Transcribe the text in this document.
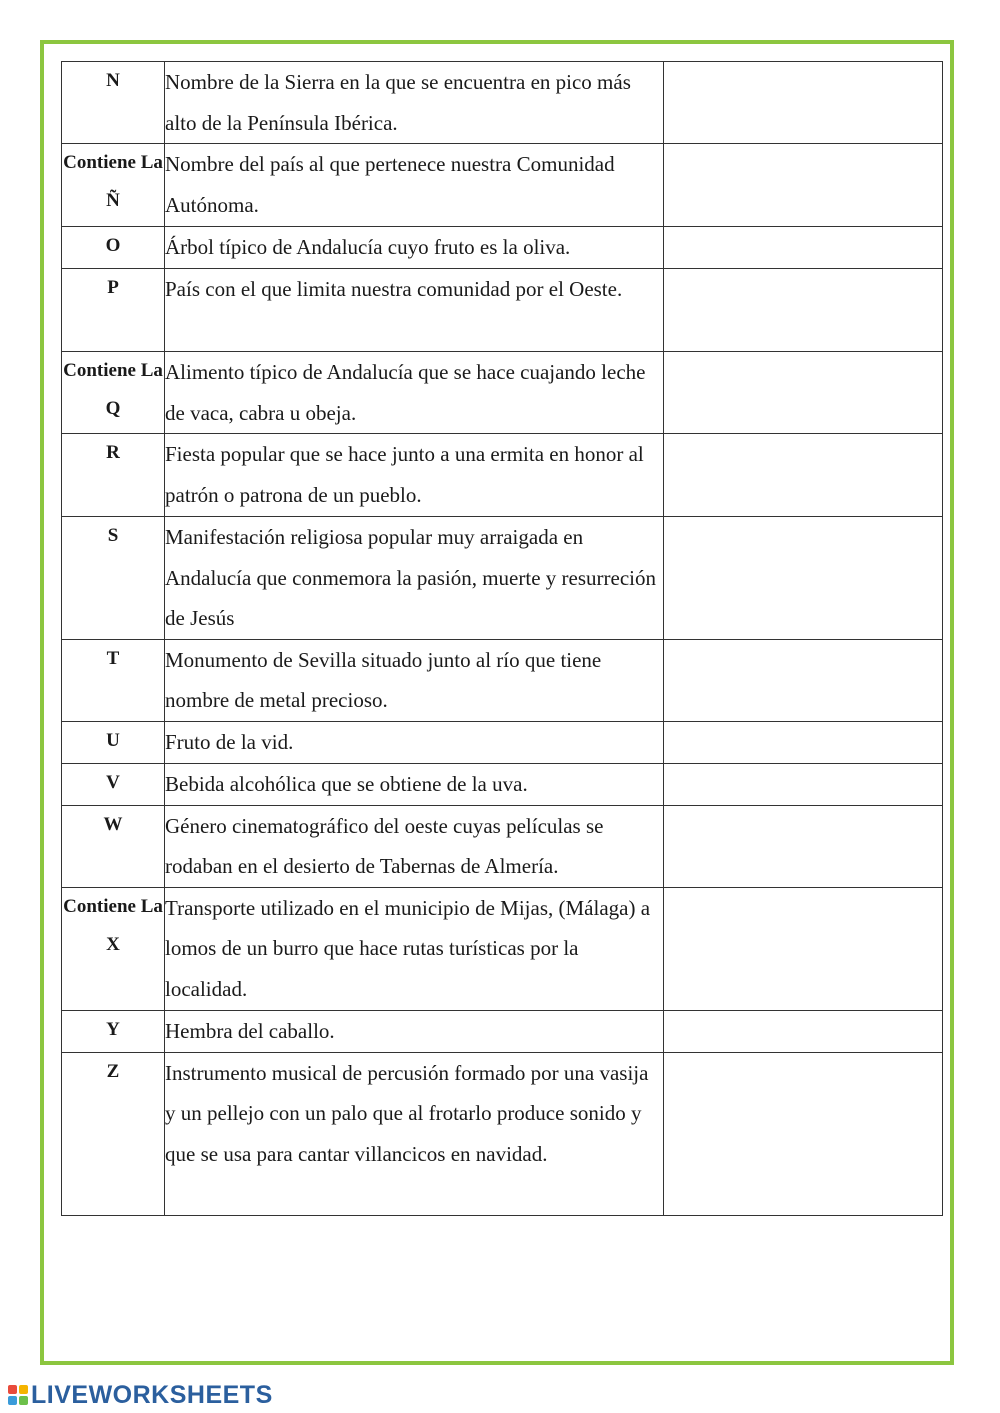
N	Nombre de la Sierra en la que se encuentra en pico más alto de la Península Ibérica.	

Contiene La Ñ	Nombre del país al que pertenece nuestra Comunidad Autónoma.	

O	Árbol típico de Andalucía cuyo fruto es la oliva.	

P	País con el que limita nuestra comunidad por el Oeste.	

Contiene La Q	Alimento típico de Andalucía que se hace cuajando leche de vaca, cabra u obeja.	

R	Fiesta popular que se hace junto a una ermita en honor al patrón o patrona de un pueblo.	

S	Manifestación religiosa popular muy arraigada en Andalucía que conmemora la pasión, muerte y resurreción de Jesús	

T	Monumento de Sevilla situado junto al río que tiene nombre de metal precioso.	

U	Fruto de la vid.	

V	Bebida alcohólica que se obtiene de la uva.	

W	Género cinematográfico del oeste cuyas películas se rodaban en el desierto de Tabernas de Almería.	

Contiene La X	Transporte utilizado en el municipio de Mijas, (Málaga) a lomos de un burro que hace rutas turísticas por la localidad.	

Y	Hembra del caballo.	

Z	Instrumento musical de percusión formado por una vasija y un pellejo con un palo que al frotarlo produce sonido y que se usa para cantar villancicos en navidad.	

LIVEWORKSHEETS
